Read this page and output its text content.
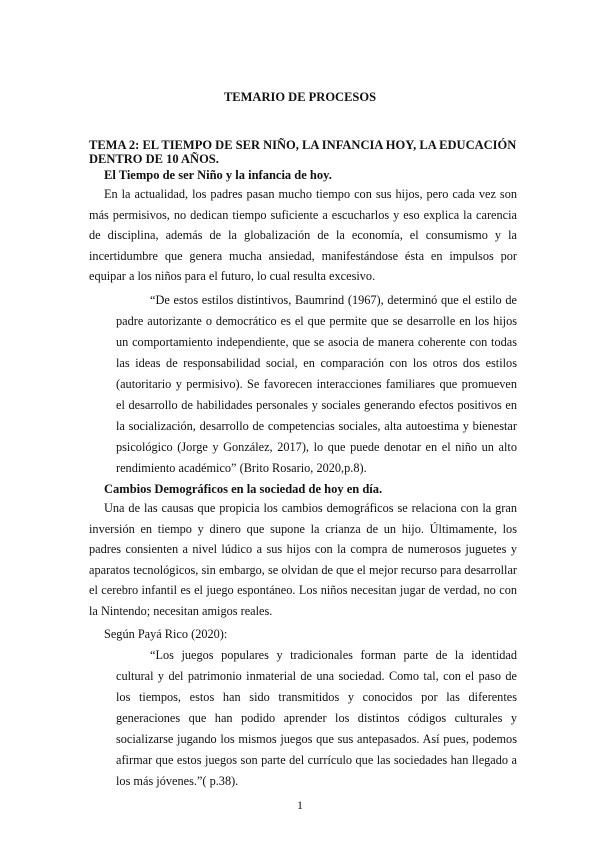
TEMARIO DE PROCESOS
TEMA 2: EL TIEMPO DE SER NIÑO, LA INFANCIA HOY, LA EDUCACIÓN DENTRO DE 10 AÑOS.
El Tiempo de ser Niño y la infancia de hoy.

En la actualidad, los padres pasan mucho tiempo con sus hijos, pero cada vez son más permisivos, no dedican tiempo suficiente a escucharlos y eso explica la carencia de disciplina, además de la globalización de la economía, el consumismo y la incertidumbre que genera mucha ansiedad, manifestándose ésta en impulsos por equipar a los niños para el futuro, lo cual resulta excesivo.

“De estos estilos distintivos, Baumrind (1967), determinó que el estilo de padre autorizante o democrático es el que permite que se desarrolle en los hijos un comportamiento independiente, que se asocia de manera coherente con todas las ideas de responsabilidad social, en comparación con los otros dos estilos (autoritario y permisivo). Se favorecen interacciones familiares que promueven el desarrollo de habilidades personales y sociales generando efectos positivos en la socialización, desarrollo de competencias sociales, alta autoestima y bienestar psicológico (Jorge y González, 2017), lo que puede denotar en el niño un alto rendimiento académico” (Brito Rosario, 2020,p.8).

Cambios Demográficos en la sociedad de hoy en día.

Una de las causas que propicia los cambios demográficos se relaciona con la gran inversión en tiempo y dinero que supone la crianza de un hijo. Últimamente, los padres consienten a nivel lúdico a sus hijos con la compra de numerosos juguetes y aparatos tecnológicos, sin embargo, se olvidan de que el mejor recurso para desarrollar el cerebro infantil es el juego espontáneo. Los niños necesitan jugar de verdad, no con la Nintendo; necesitan amigos reales.

Según Payá Rico (2020):

“Los juegos populares y tradicionales forman parte de la identidad cultural y del patrimonio inmaterial de una sociedad. Como tal, con el paso de los tiempos, estos han sido transmitidos y conocidos por las diferentes generaciones que han podido aprender los distintos códigos culturales y socializarse jugando los mismos juegos que sus antepasados. Así pues, podemos afirmar que estos juegos son parte del currículo que las sociedades han llegado a los más jóvenes.”( p.38).

1
